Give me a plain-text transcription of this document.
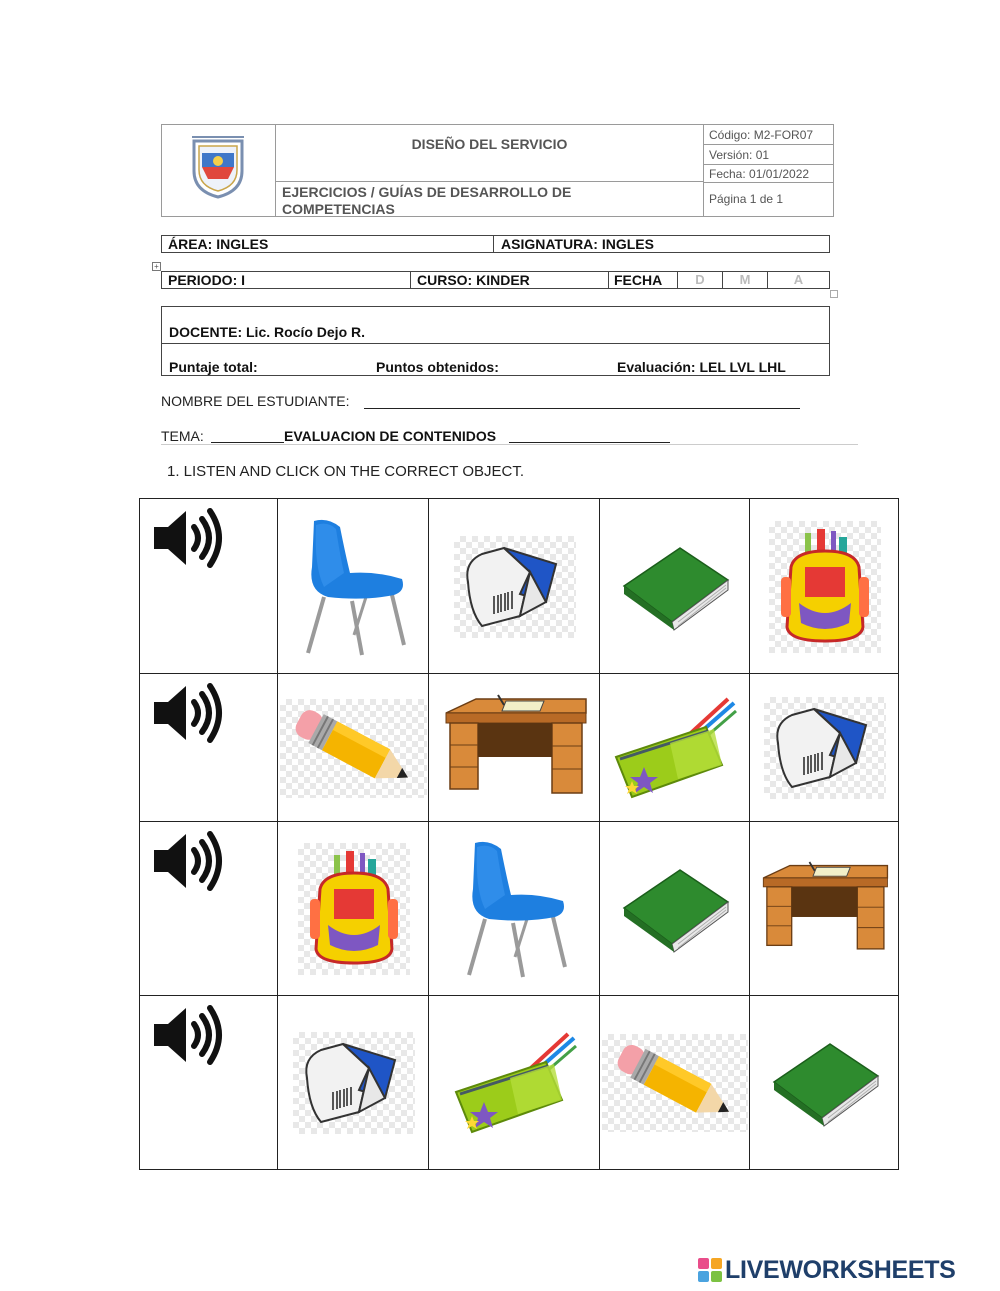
DISEÑO DEL SERVICIO
EJERCICIOS / GUÍAS DE DESARROLLO DE COMPETENCIAS
Código: M2-FOR07
Versión: 01
Fecha: 01/01/2022
Página 1 de 1
ÁREA: INGLES	ASIGNATURA: INGLES
+
PERIODO: I	CURSO: KINDER	FECHA	D	M	A
DOCENTE: Lic. Rocío Dejo R.
Puntaje total:	Puntos obtenidos:	Evaluación: LEL LVL LHL
NOMBRE DEL ESTUDIANTE:
TEMA:	EVALUACION DE CONTENIDOS
1. LISTEN AND CLICK ON THE CORRECT OBJECT.
LIVEWORKSHEETS
